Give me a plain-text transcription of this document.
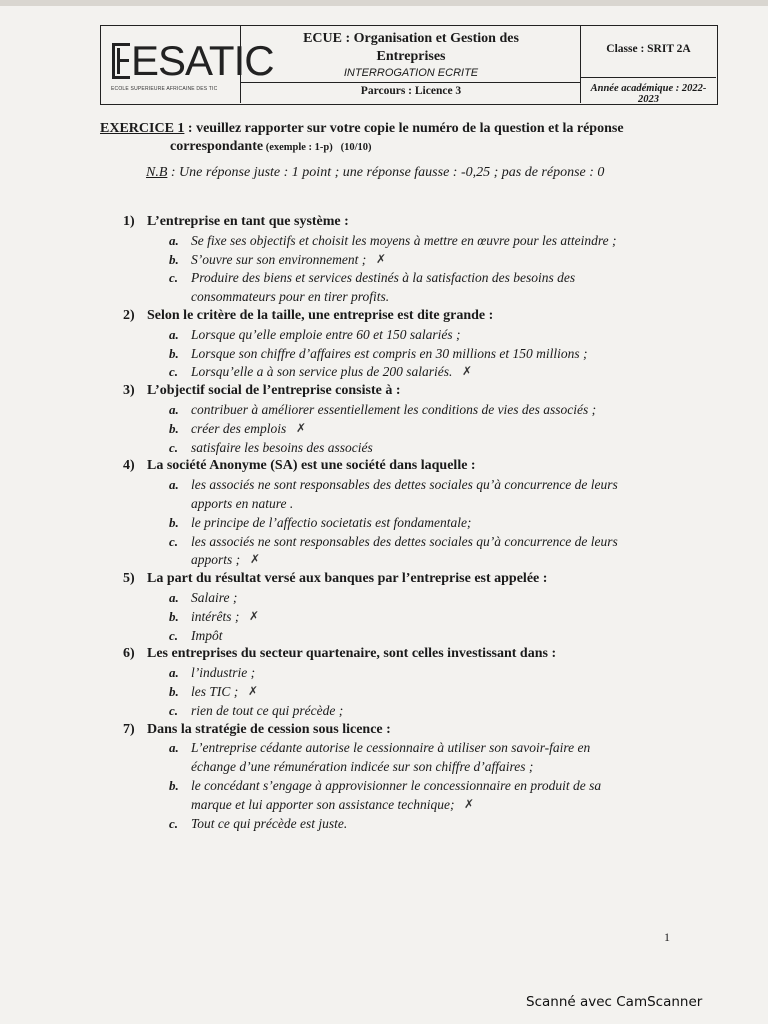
ESATIC
ECOLE SUPERIEURE AFRICAINE DES TIC
ECUE : Organisation et Gestion des
Entreprises
INTERROGATION ECRITE
Parcours : Licence 3
Classe : SRIT 2A
Année académique : 2022-2023
EXERCICE 1 : veuillez rapporter sur votre copie le numéro de la question et la réponse
correspondante (exemple : 1-p)   (10/10)
N.B : Une réponse juste : 1 point ; une réponse fausse : -0,25 ; pas de réponse : 0
1) L’entreprise en tant que système :
a. Se fixe ses objectifs et choisit les moyens à mettre en œuvre pour les atteindre ;
b. S’ouvre sur son environnement ; ✗
c. Produire des biens et services destinés à la satisfaction des besoins des
consommateurs pour en tirer profits.
2) Selon le critère de la taille, une entreprise est dite grande :
a. Lorsque qu’elle emploie entre 60 et 150 salariés ;
b. Lorsque son chiffre d’affaires est compris en 30 millions et 150 millions ;
c. Lorsqu’elle a à son service plus de 200 salariés. ✗
3) L’objectif social de l’entreprise consiste à :
a. contribuer à améliorer essentiellement les conditions de vies des associés ;
b. créer des emplois ✗
c. satisfaire les besoins des associés
4) La société Anonyme (SA) est une société dans laquelle :
a. les associés ne sont responsables des dettes sociales qu’à concurrence de leurs
apports en nature .
b. le principe de l’affectio societatis est fondamentale;
c. les associés ne sont responsables des dettes sociales qu’à concurrence de leurs
apports ; ✗
5) La part du résultat versé aux banques par l’entreprise est appelée :
a. Salaire ;
b. intérêts ; ✗
c. Impôt
6) Les entreprises du secteur quartenaire, sont celles investissant dans :
a. l’industrie ;
b. les TIC ; ✗
c. rien de tout ce qui précède ;
7) Dans la stratégie de cession sous licence :
a. L’entreprise cédante autorise le cessionnaire à utiliser son savoir-faire en
échange d’une rémunération indicée sur son chiffre d’affaires ;
b. le concédant s’engage à approvisionner le concessionnaire en produit de sa
marque et lui apporter son assistance technique; ✗
c. Tout ce qui précède est juste.
1
Scanné avec CamScanner
